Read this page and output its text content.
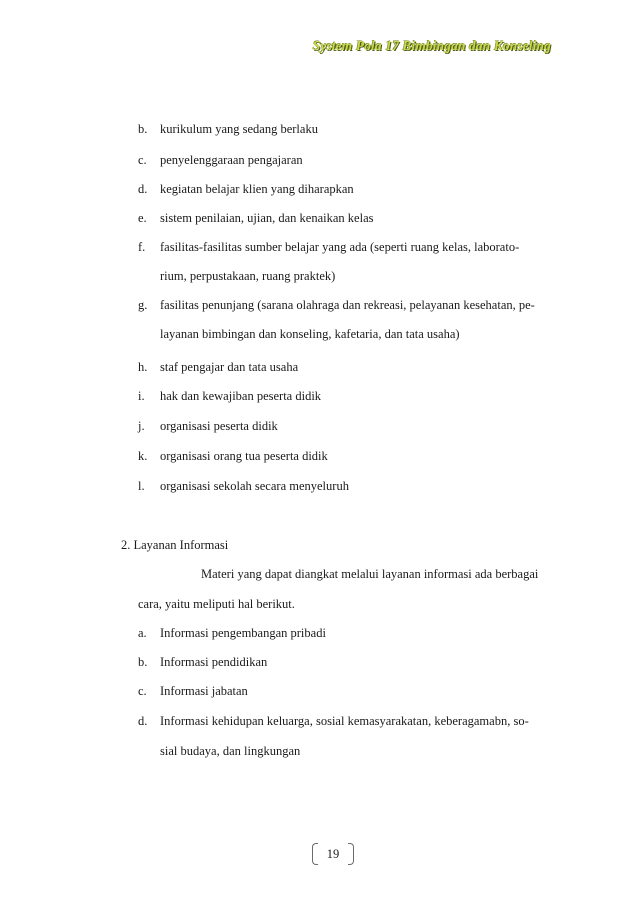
System Pola 17 Bimbingan dan Konseling
b. kurikulum yang sedang berlaku
c. penyelenggaraan pengajaran
d. kegiatan belajar klien yang diharapkan
e. sistem penilaian, ujian, dan kenaikan kelas
f. fasilitas-fasilitas sumber belajar yang ada (seperti ruang kelas, laborato-
rium, perpustakaan, ruang praktek)
g. fasilitas penunjang (sarana olahraga dan rekreasi, pelayanan kesehatan, pe-
layanan bimbingan dan konseling, kafetaria, dan tata usaha)
h. staf pengajar dan tata usaha
i. hak dan kewajiban peserta didik
j. organisasi peserta didik
k. organisasi orang tua peserta didik
l. organisasi sekolah secara menyeluruh
2. Layanan Informasi
Materi yang dapat diangkat melalui layanan informasi ada berbagai
cara, yaitu meliputi hal berikut.
a. Informasi pengembangan pribadi
b. Informasi pendidikan
c. Informasi jabatan
d. Informasi kehidupan keluarga, sosial kemasyarakatan, keberagamabn, so-
sial budaya, dan lingkungan
19
